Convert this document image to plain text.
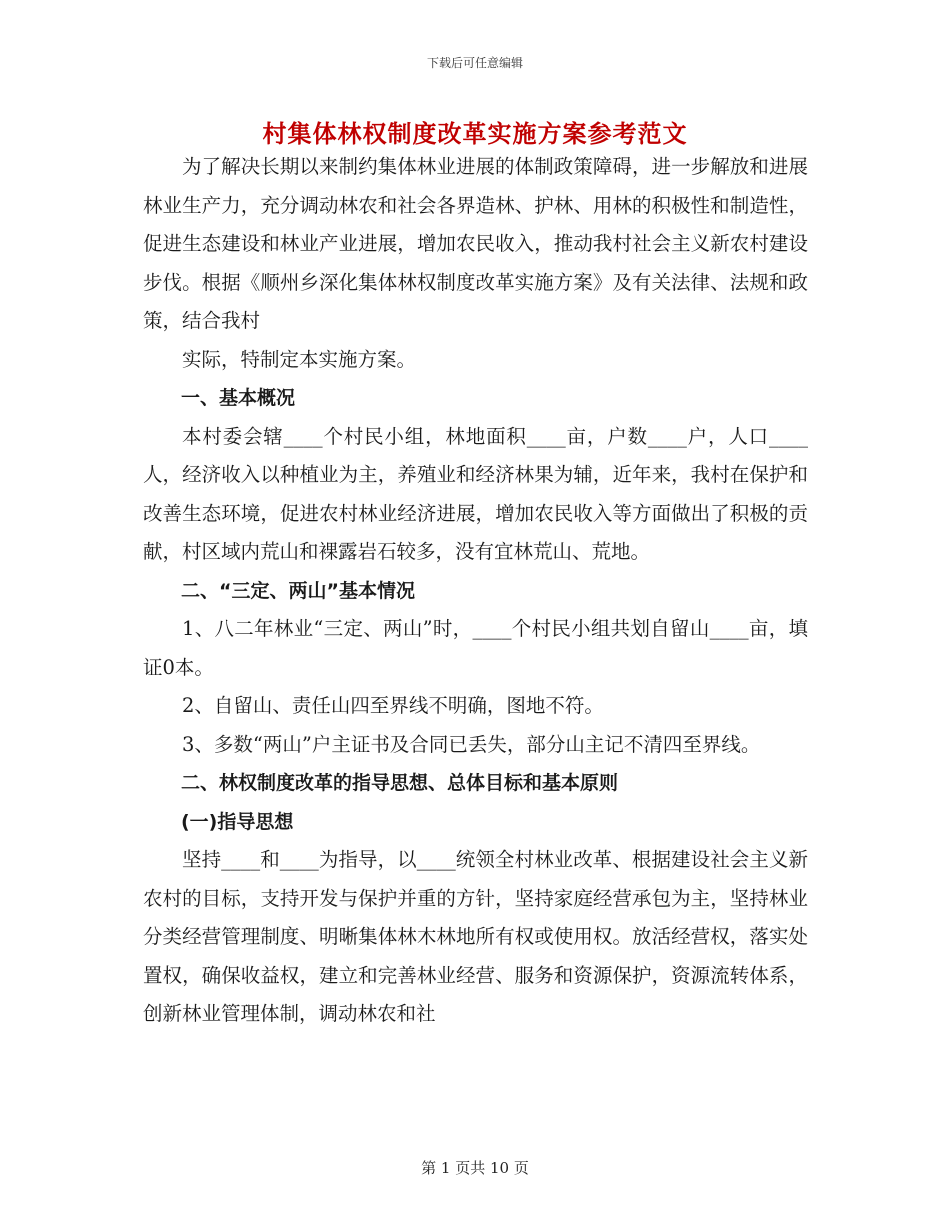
下载后可任意编辑
村集体林权制度改革实施方案参考范文

为了解决长期以来制约集体林业进展的体制政策障碍，进一步解放和进展林业生产力，充分调动林农和社会各界造林、护林、用林的积极性和制造性，促进生态建设和林业产业进展，增加农民收入，推动我村社会主义新农村建设步伐。根据《顺州乡深化集体林权制度改革实施方案》及有关法律、法规和政策，结合我村

实际，特制定本实施方案。

一、基本概况

本村委会辖____个村民小组，林地面积____亩，户数____户，人口____人，经济收入以种植业为主，养殖业和经济林果为辅，近年来，我村在保护和改善生态环境，促进农村林业经济进展，增加农民收入等方面做出了积极的贡献，村区域内荒山和裸露岩石较多，没有宜林荒山、荒地。

二、“三定、两山”基本情况

1、八二年林业“三定、两山”时，____个村民小组共划自留山____亩，填证0本。

2、自留山、责任山四至界线不明确，图地不符。

3、多数“两山”户主证书及合同已丢失，部分山主记不清四至界线。

二、林权制度改革的指导思想、总体目标和基本原则

(一)指导思想

坚持____和____为指导，以____统领全村林业改革、根据建设社会主义新农村的目标，支持开发与保护并重的方针，坚持家庭经营承包为主，坚持林业分类经营管理制度、明晰集体林木林地所有权或使用权。放活经营权，落实处置权，确保收益权，建立和完善林业经营、服务和资源保护，资源流转体系，创新林业管理体制，调动林农和社

第 1 页共 10 页
